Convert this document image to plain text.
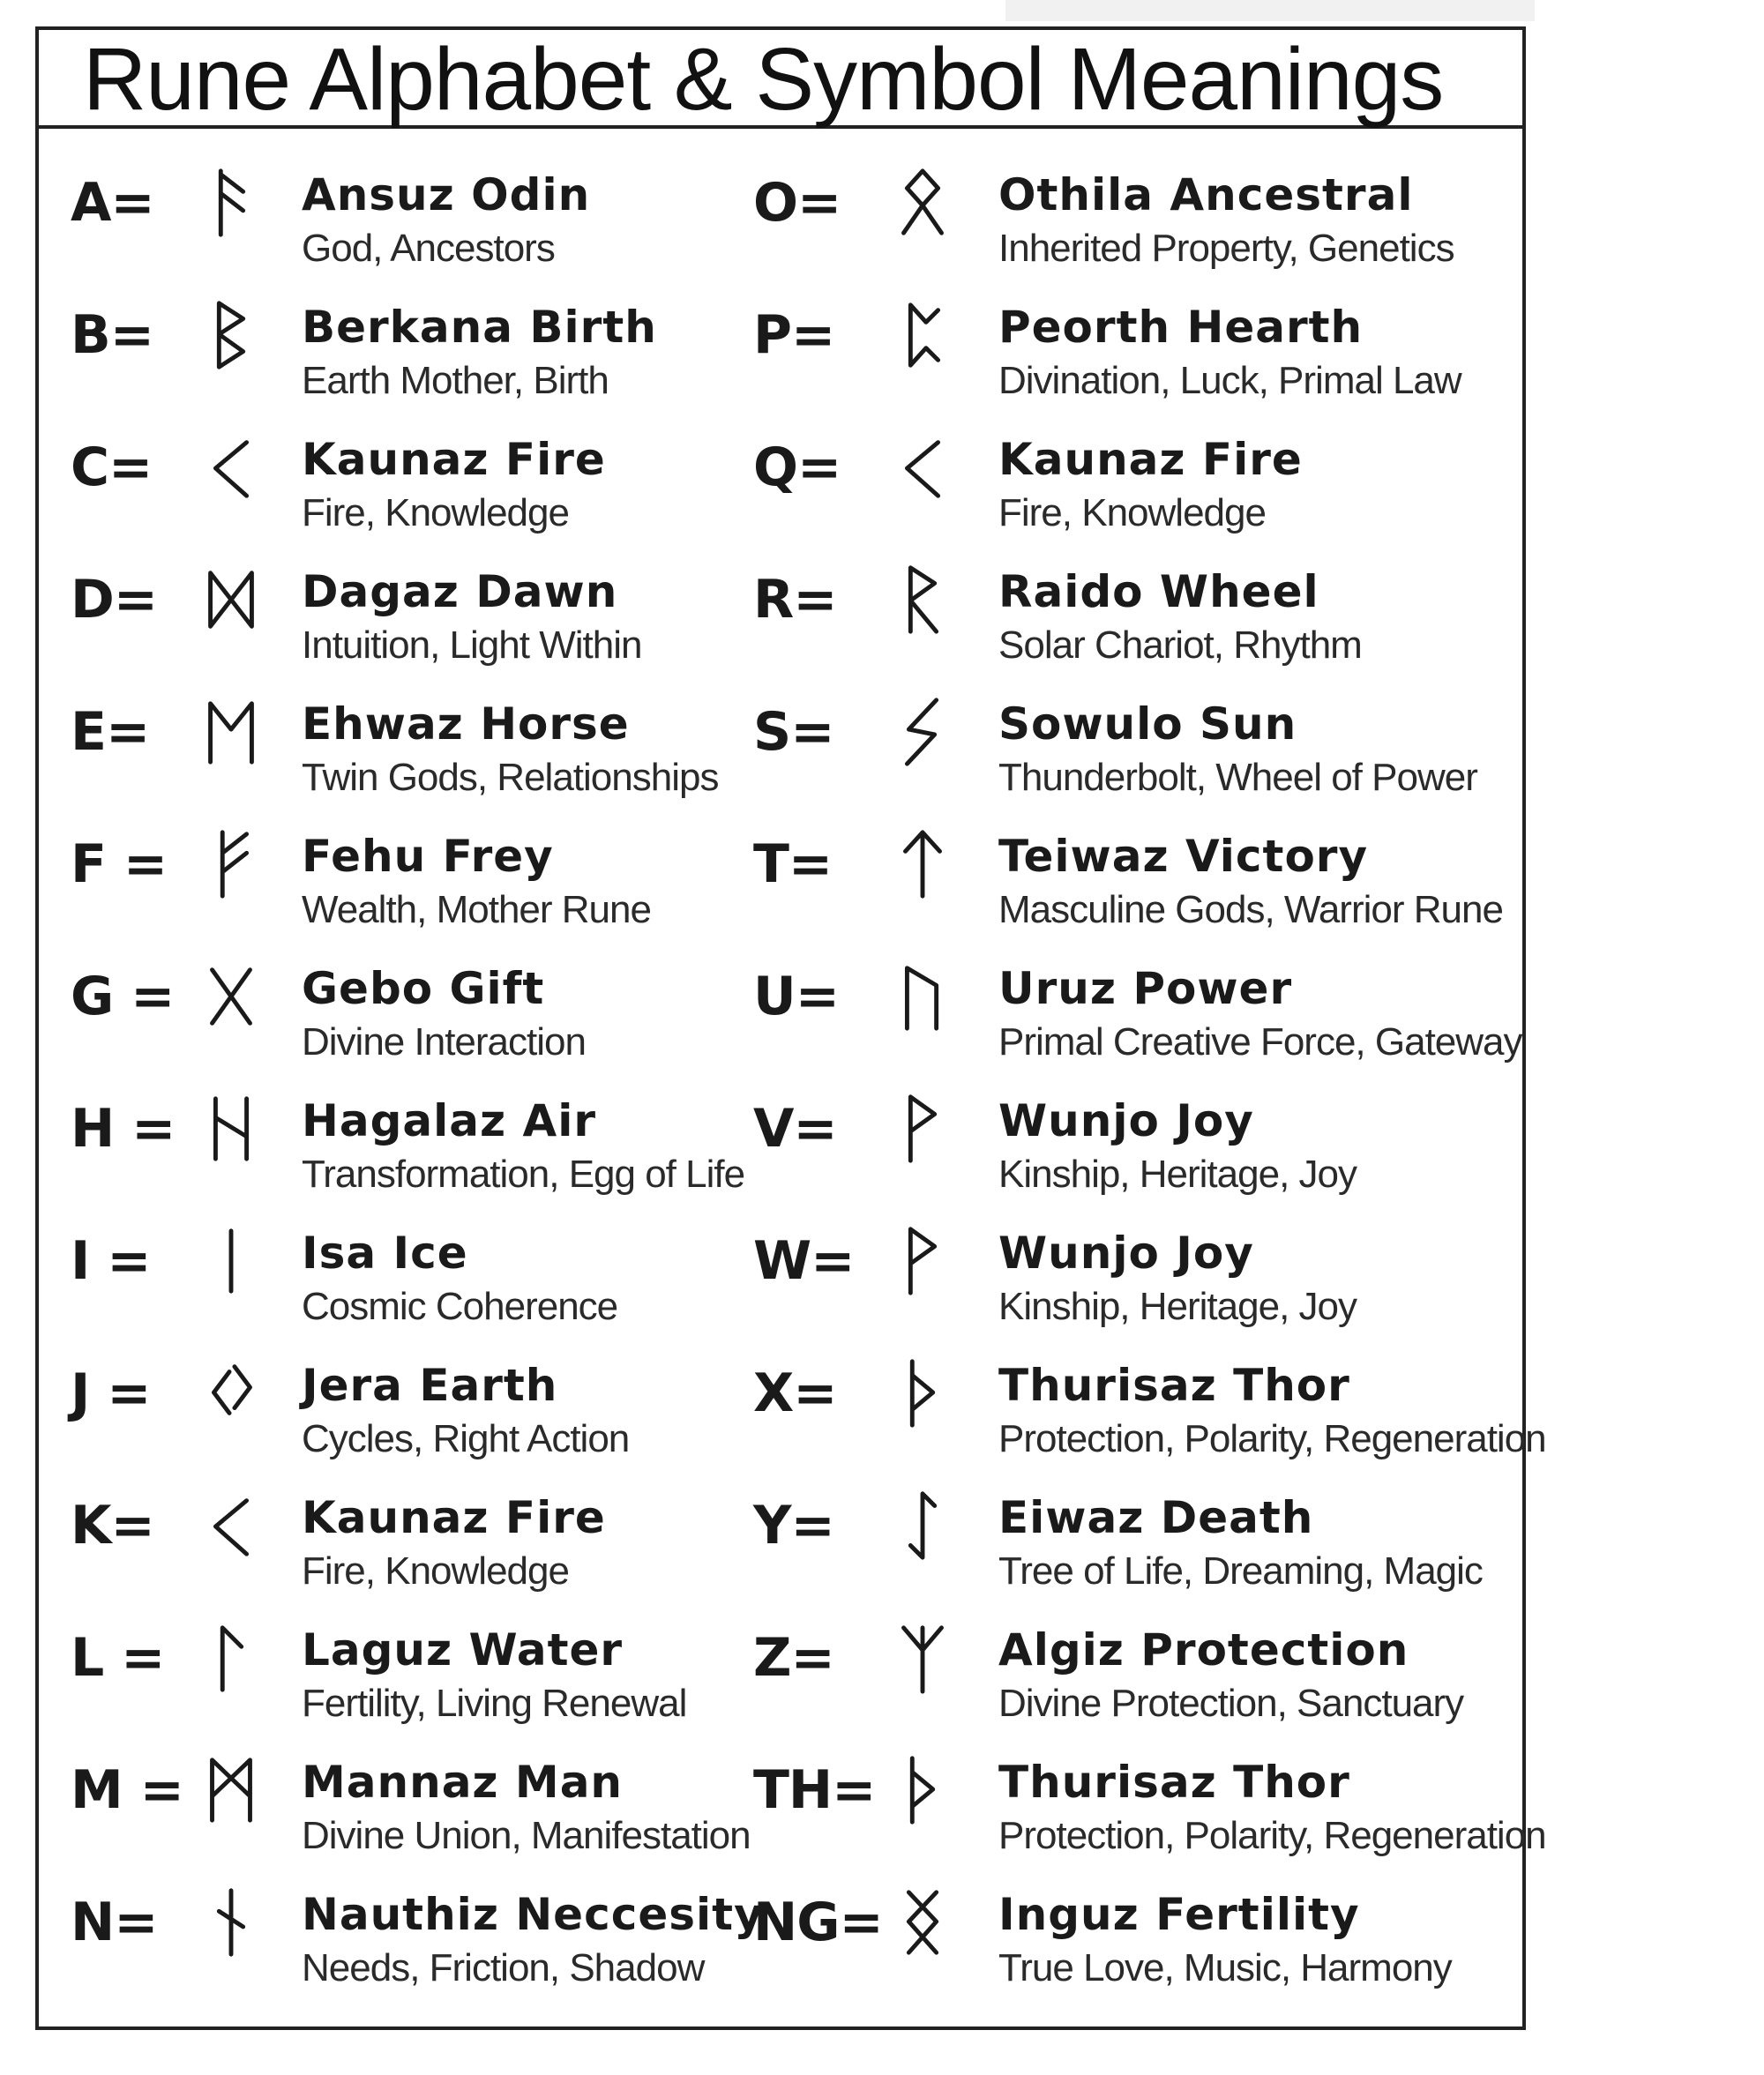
Rune Alphabet & Symbol Meanings
A=	Ansuz Odin
God, Ancestors
B=	Berkana Birth
Earth Mother, Birth
C=	Kaunaz Fire
Fire, Knowledge
D=	Dagaz Dawn
Intuition, Light Within
E=	Ehwaz Horse
Twin Gods, Relationships
F =	Fehu Frey
Wealth, Mother Rune
G =	Gebo Gift
Divine Interaction
H =	Hagalaz Air
Transformation, Egg of Life
I =	Isa Ice
Cosmic Coherence
J =	Jera Earth
Cycles, Right Action
K=	Kaunaz Fire
Fire, Knowledge
L =	Laguz Water
Fertility, Living Renewal
M =	Mannaz Man
Divine Union, Manifestation
N=	Nauthiz Neccesity
Needs, Friction, Shadow
O=	Othila Ancestral
Inherited Property, Genetics
P=	Peorth Hearth
Divination, Luck, Primal Law
Q=	Kaunaz Fire
Fire, Knowledge
R=	Raido Wheel
Solar Chariot, Rhythm
S=	Sowulo Sun
Thunderbolt, Wheel of Power
T=	Teiwaz Victory
Masculine Gods, Warrior Rune
U=	Uruz Power
Primal Creative Force, Gateway
V=	Wunjo Joy
Kinship, Heritage, Joy
W=	Wunjo Joy
Kinship, Heritage, Joy
X=	Thurisaz Thor
Protection, Polarity, Regeneration
Y=	Eiwaz Death
Tree of Life, Dreaming, Magic
Z=	Algiz Protection
Divine Protection, Sanctuary
TH=	Thurisaz Thor
Protection, Polarity, Regeneration
NG=	Inguz Fertility
True Love, Music, Harmony
